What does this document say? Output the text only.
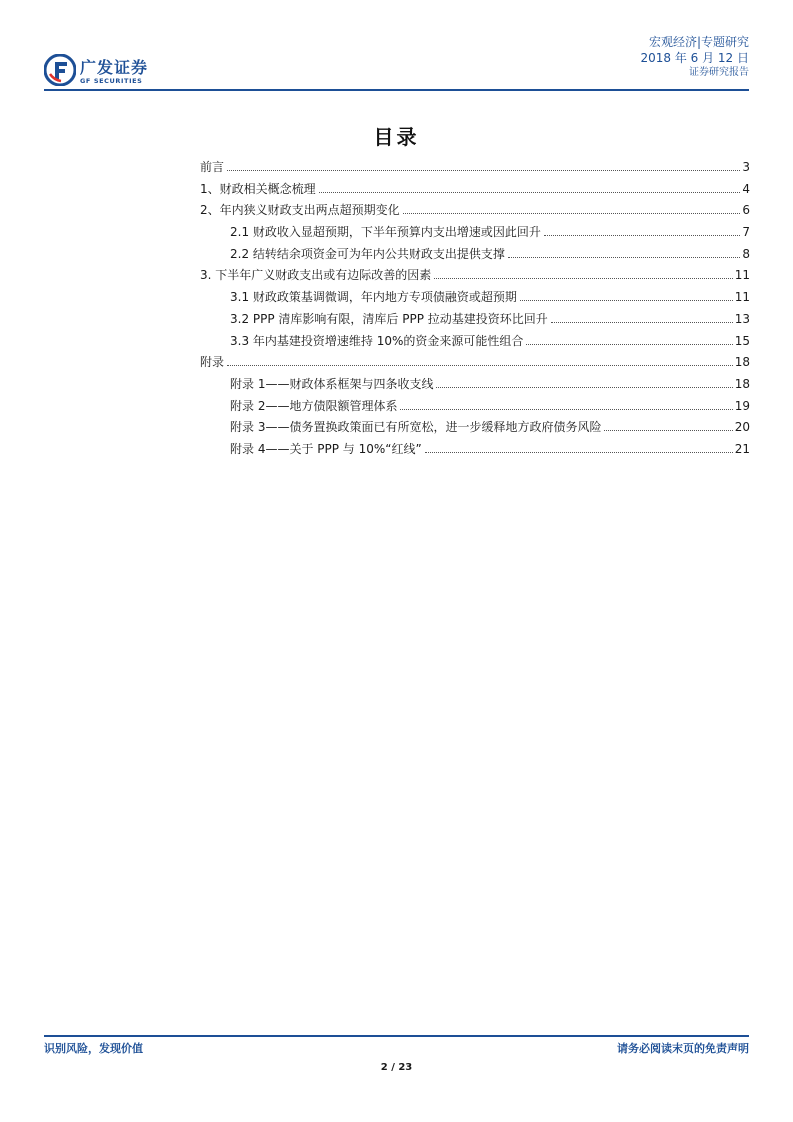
广发证券
GF SECURITIES
宏观经济|专题研究
2018 年 6 月 12 日
证券研究报告
目录
前言	3
1、财政相关概念梳理	4
2、年内狭义财政支出两点超预期变化	6
2.1 财政收入显超预期，下半年预算内支出增速或因此回升	7
2.2 结转结余项资金可为年内公共财政支出提供支撑	8
3. 下半年广义财政支出或有边际改善的因素	11
3.1 财政政策基调微调，年内地方专项债融资或超预期	11
3.2 PPP 清库影响有限，清库后 PPP 拉动基建投资环比回升	13
3.3 年内基建投资增速维持 10%的资金来源可能性组合	15
附录	18
附录 1——财政体系框架与四条收支线	18
附录 2——地方债限额管理体系	19
附录 3——债务置换政策面已有所宽松，进一步缓释地方政府债务风险	20
附录 4——关于 PPP 与 10%“红线”	21
识别风险，发现价值	请务必阅读末页的免责声明
2 / 23
